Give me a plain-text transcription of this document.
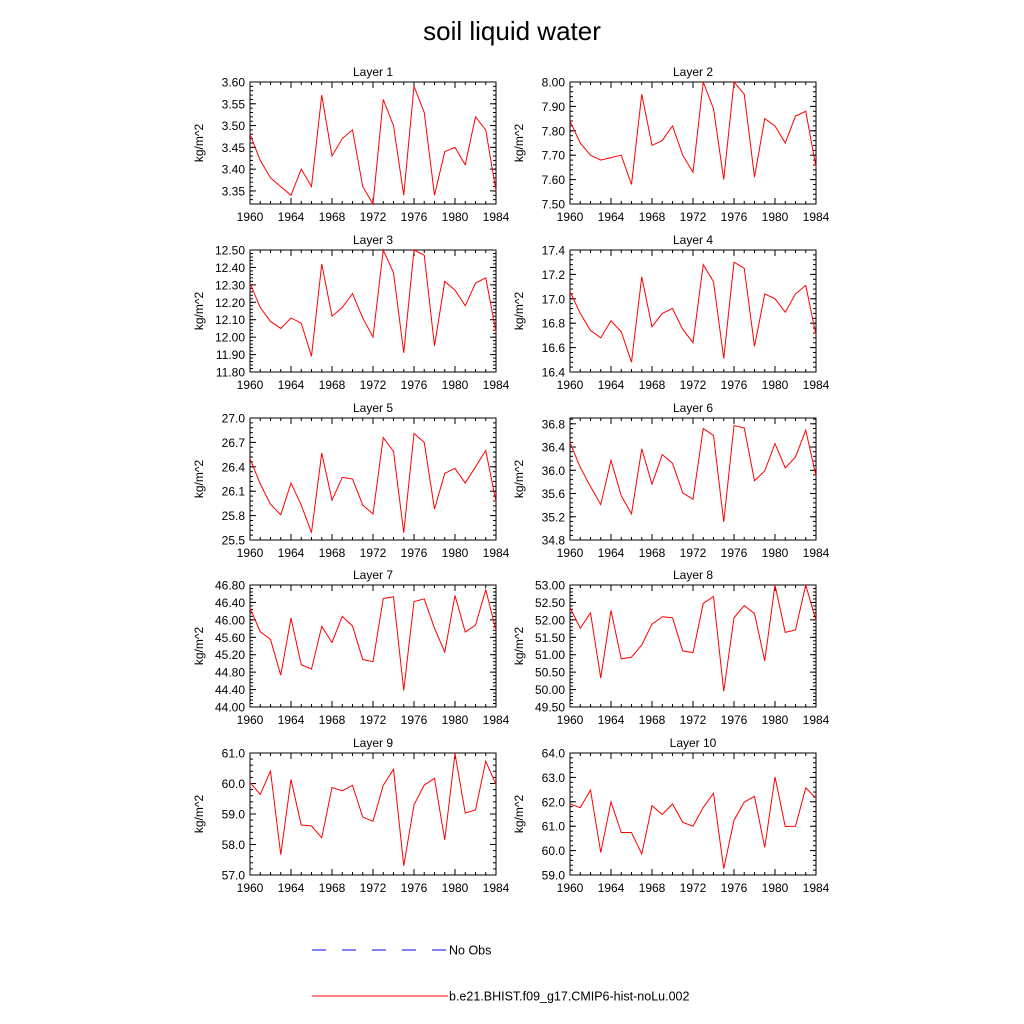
soil liquid water
Layer 1
kg/m^2
1960 1964 1968 1972 1976 1980 1984
3.35
3.40
3.45
3.50
3.55
3.60
Layer 2
kg/m^2
1960 1964 1968 1972 1976 1980 1984
7.50
7.60
7.70
7.80
7.90
8.00
Layer 3
kg/m^2
1960 1964 1968 1972 1976 1980 1984
11.80
11.90
12.00
12.10
12.20
12.30
12.40
12.50
Layer 4
kg/m^2
1960 1964 1968 1972 1976 1980 1984
16.4
16.6
16.8
17.0
17.2
17.4
Layer 5
kg/m^2
1960 1964 1968 1972 1976 1980 1984
25.5
25.8
26.1
26.4
26.7
27.0
Layer 6
kg/m^2
1960 1964 1968 1972 1976 1980 1984
34.8
35.2
35.6
36.0
36.4
36.8
Layer 7
kg/m^2
1960 1964 1968 1972 1976 1980 1984
44.00
44.40
44.80
45.20
45.60
46.00
46.40
46.80
Layer 8
kg/m^2
1960 1964 1968 1972 1976 1980 1984
49.50
50.00
50.50
51.00
51.50
52.00
52.50
53.00
Layer 9
kg/m^2
1960 1964 1968 1972 1976 1980 1984
57.0
58.0
59.0
60.0
61.0
Layer 10
kg/m^2
1960 1964 1968 1972 1976 1980 1984
59.0
60.0
61.0
62.0
63.0
64.0
No Obs
b.e21.BHIST.f09_g17.CMIP6-hist-noLu.002
